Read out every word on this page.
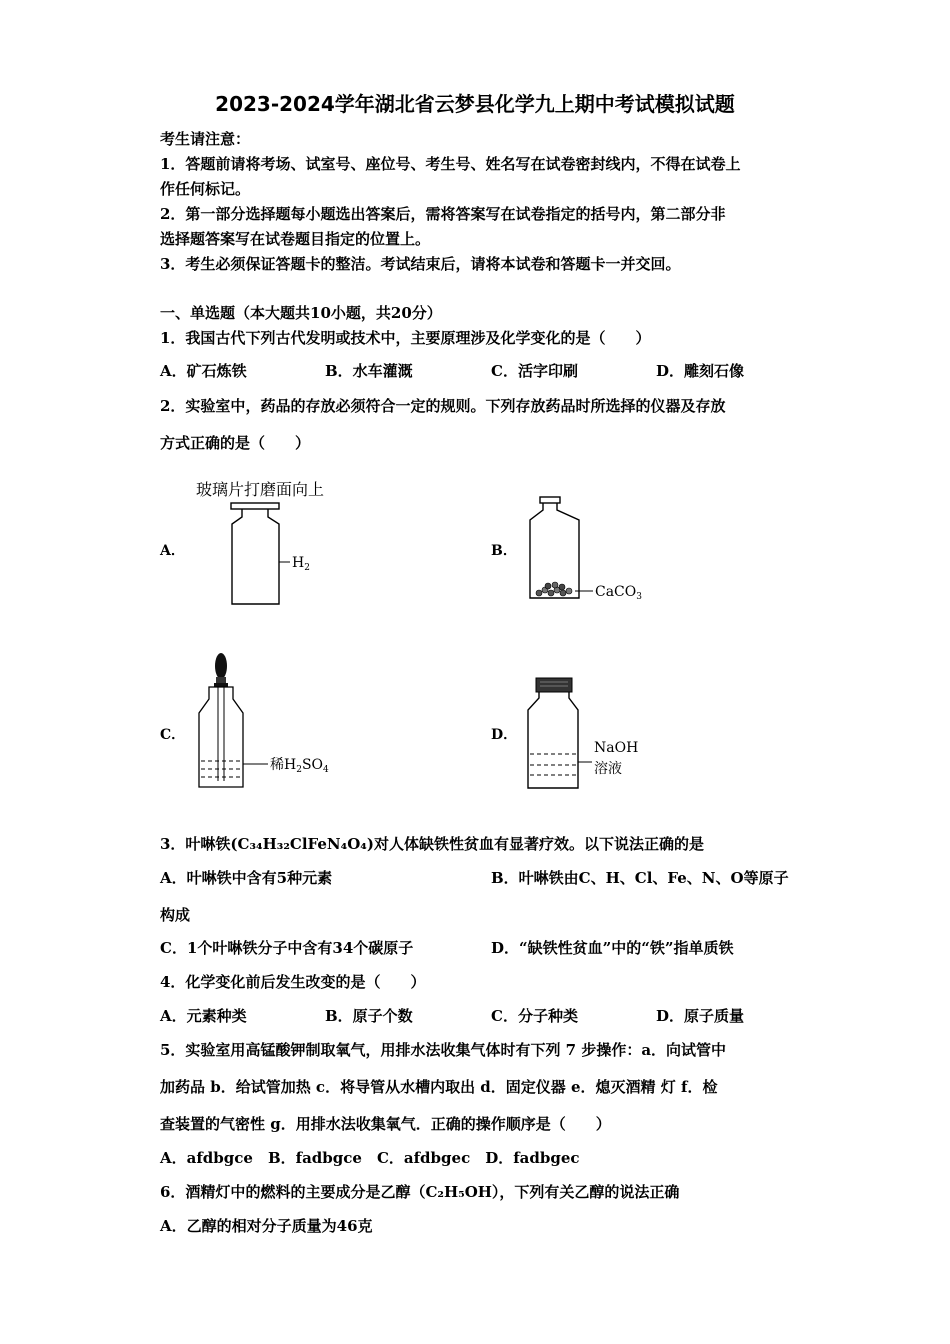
2023-2024学年湖北省云梦县化学九上期中考试模拟试题
考生请注意：
1．答题前请将考场、试室号、座位号、考生号、姓名写在试卷密封线内，不得在试卷上
作任何标记。
2．第一部分选择题每小题选出答案后，需将答案写在试卷指定的括号内，第二部分非
选择题答案写在试卷题目指定的位置上。
3．考生必须保证答题卡的整洁。考试结束后，请将本试卷和答题卡一并交回。
一、单选题（本大题共10小题，共20分）
1．我国古代下列古代发明或技术中，主要原理涉及化学变化的是（　　）
A．矿石炼铁	B．水车灌溉	C．活字印刷	D．雕刻石像
2．实验室中，药品的存放必须符合一定的规则。下列存放药品时所选择的仪器及存放
方式正确的是（　　）
A．
玻璃片打磨面向上
$H_2$
B．
CaCO$_3$
C．
稀$H_2SO_4$
D．
NaOH
溶液
3．叶啉铁(C₃₄H₃₂ClFeN₄O₄)对人体缺铁性贫血有显著疗效。以下说法正确的是
A．叶啉铁中含有5种元素	B．叶啉铁由C、H、Cl、Fe、N、O等原子
构成
C．1个叶啉铁分子中含有34个碳原子	D．“缺铁性贫血”中的“铁”指单质铁
4．化学变化前后发生改变的是（　　）
A．元素种类	B．原子个数	C．分子种类	D．原子质量
5．实验室用高锰酸钾制取氧气，用排水法收集气体时有下列 7 步操作：a．向试管中
加药品 b．给试管加热 c．将导管从水槽内取出 d．固定仪器 e．熄灭酒精 灯 f．检
查装置的气密性 g．用排水法收集氧气．正确的操作顺序是（　　）
A．afdbgce　B．fadbgce　C．afdbgec　D．fadbgec
6．酒精灯中的燃料的主要成分是乙醇（C₂H₅OH），下列有关乙醇的说法正确
A．乙醇的相对分子质量为46克
